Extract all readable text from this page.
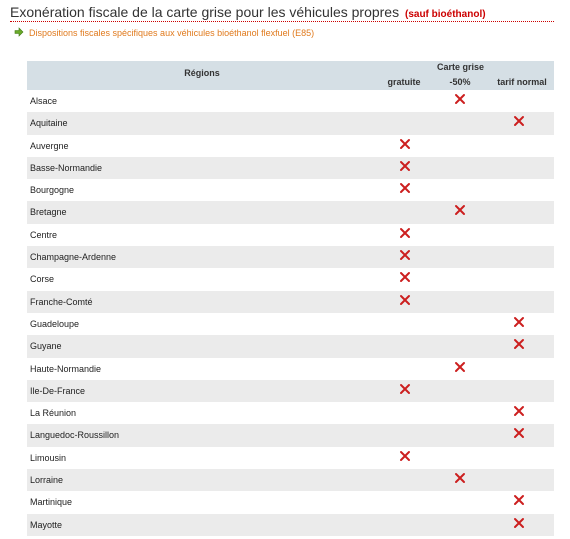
Exonération fiscale de la carte grise pour les véhicules propres (sauf bioéthanol)
Dispositions fiscales spécifiques aux véhicules bioéthanol flexfuel (E85)
Régions
Carte grise
gratuite	-50%	tarif normal
Alsace
Aquitaine
Auvergne
Basse-Normandie
Bourgogne
Bretagne
Centre
Champagne-Ardenne
Corse
Franche-Comté
Guadeloupe
Guyane
Haute-Normandie
Ile-De-France
La Réunion
Languedoc-Roussillon
Limousin
Lorraine
Martinique
Mayotte
